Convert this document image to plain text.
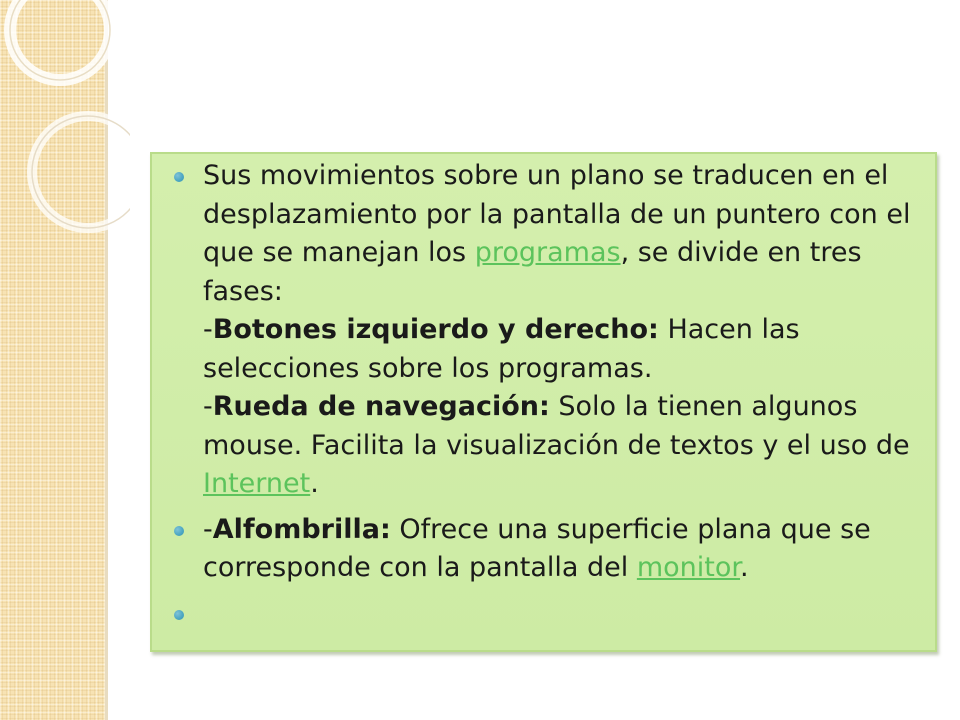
Sus movimientos sobre un plano se traducen en el desplazamiento por la pantalla de un puntero con el que se manejan los programas, se divide en tres fases:
-Botones izquierdo y derecho: Hacen las selecciones sobre los programas.
-Rueda de navegación: Solo la tienen algunos mouse. Facilita la visualización de textos y el uso de Internet.
-Alfombrilla: Ofrece una superficie plana que se corresponde con la pantalla del monitor.
